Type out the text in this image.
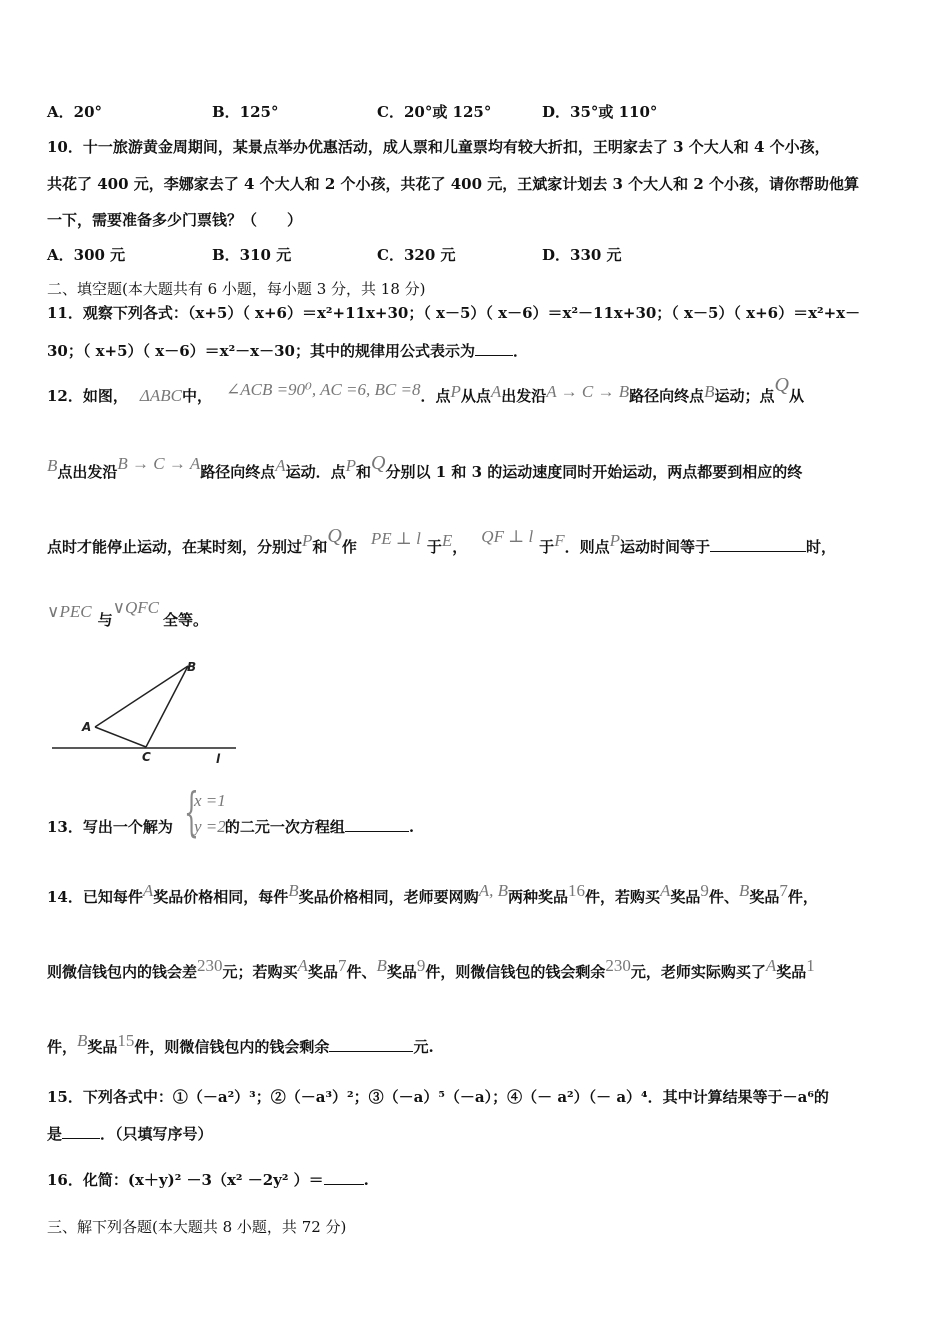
A．20°	B．125°	C．20°或 125°	D．35°或 110°
10．十一旅游黄金周期间，某景点举办优惠活动，成人票和儿童票均有较大折扣，王明家去了 3 个大人和 4 个小孩，
共花了 400 元，李娜家去了 4 个大人和 2 个小孩，共花了 400 元，王斌家计划去 3 个大人和 2 个小孩，请你帮助他算
一下，需要准备多少门票钱？（　　）
A．300 元	B．310 元	C．320 元	D．330 元
二、填空题(本大题共有 6 小题，每小题 3 分，共 18 分)
11．观察下列各式：（x+5）（ x+6）＝x²+11x+30；（ x－5）（ x－6）＝x²－11x+30；（ x－5）（ x+6）＝x²+x－
30；（ x+5）（ x－6）＝x²－x－30；其中的规律用公式表示为	．
12．如图， ΔABC中， ∠ACB =90⁰, AC =6, BC =8．点P从点A出发沿A → C → B路径向终点B运动；点Q从
B点出发沿B → C → A路径向终点A运动．点P和Q分别以 1 和 3 的运动速度同时开始运动，两点都要到相应的终
点时才能停止运动，在某时刻，分别过P和Q作 PE ⊥ l 于E，QF ⊥ l于F．则点P运动时间等于	时，
∨PEC 与∨QFC全等。
B
A
C	l
13．写出一个解为	的二元一次方程组	.
{
x =1
y =2
14．已知每件A奖品价格相同，每件B奖品价格相同，老师要网购A, B两种奖品16件，若购买A奖品9件、B奖品7件，
则微信钱包内的钱会差230元；若购买A奖品7件、B奖品9件，则微信钱包的钱会剩余230元，老师实际购买了A奖品1
件，B奖品15件，则微信钱包内的钱会剩余	元.
15．下列各式中：①（－a²）³；②（－a³）²；③（－a）⁵（－a）；④（－ a²）（－ a）⁴．其中计算结果等于－a⁶的
是	．（只填写序号）
16．化简：(x＋y)² －3（x² －2y² ）＝	.
三、解下列各题(本大题共 8 小题，共 72 分)
